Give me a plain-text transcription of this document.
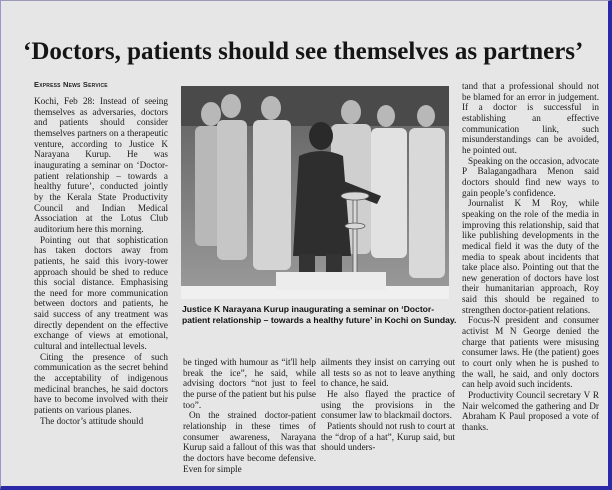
‘Doctors, patients should see themselves as partners’
Express News Service

Kochi, Feb 28: Instead of seeing themselves as adversaries, doctors and patients should consider themselves partners on a therapeutic venture, according to Justice K Narayana Kurup. He was inaugurating a seminar on ‘Doctor-patient relationship – towards a healthy future’, conducted jointly by the Kerala State Productivity Council and Indian Medical Association at the Lotus Club auditorium here this morning.

Pointing out that sophistication has taken doctors away from patients, he said this ivory-tower approach should be shed to reduce this social distance. Emphasising the need for more communication between doctors and patients, he said success of any treatment was directly dependent on the effective exchange of views at emotional, cultural and intellectual levels.

Citing the presence of such communication as the secret behind the acceptability of indigenous medicinal branches, he said doctors have to become involved with their patients on various planes.

The doctor’s attitude should

Justice K Narayana Kurup inaugurating a seminar on ‘Doctor-patient relationship – towards a healthy future’ in Kochi on Sunday.

be tinged with humour as “it'll help break the ice”, he said, while advising doctors “not just to feel the purse of the patient but his pulse too”.

On the strained doctor-patient relationship in these times of consumer awareness, Narayana Kurup said a fallout of this was that the doctors have become defensive. Even for simple

ailments they insist on carrying out all tests so as not to leave anything to chance, he said.

He also flayed the practice of using the provisions in the consumer law to blackmail doctors.

Patients should not rush to court at the “drop of a hat”, Kurup said, but should unders-

tand that a professional should not be blamed for an error in judgement. If a doctor is successful in establishing an effective communication link, such misunderstandings can be avoided, he pointed out.

Speaking on the occasion, advocate P Balagangadhara Menon said doctors should find new ways to gain people’s confidence.

Journalist K M Roy, while speaking on the role of the media in improving this relationship, said that like publishing developments in the medical field it was the duty of the media to speak about incidents that take place also. Pointing out that the new generation of doctors have lost their humanitarian approach, Roy said this should be regained to strengthen doctor-patient relations.

Focus-N president and consumer activist M N George denied the charge that patients were misusing consumer laws. He (the patient) goes to court only when he is pushed to the wall, he said, and only doctors can help avoid such incidents.

Productivity Council secretary V R Nair welcomed the gathering and Dr Abraham K Paul proposed a vote of thanks.
